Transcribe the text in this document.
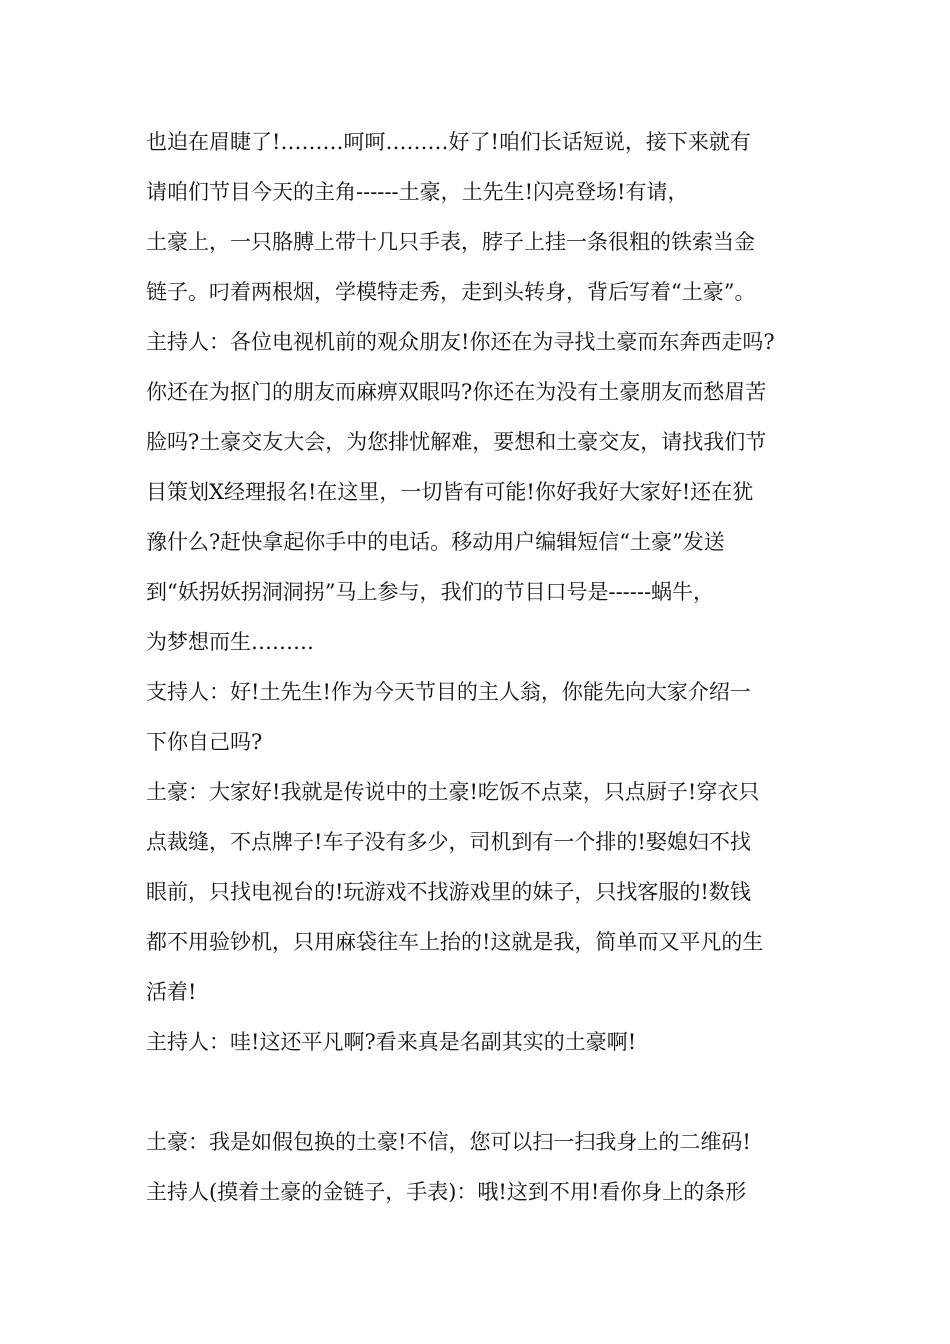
也迫在眉睫了!………呵呵………好了!咱们长话短说，接下来就有
请咱们节目今天的主角------土豪，土先生!闪亮登场!有请，
土豪上，一只胳膊上带十几只手表，脖子上挂一条很粗的铁索当金
链子。叼着两根烟，学模特走秀，走到头转身，背后写着“土豪”。
主持人：各位电视机前的观众朋友!你还在为寻找土豪而东奔西走吗?
你还在为抠门的朋友而麻痹双眼吗?你还在为没有土豪朋友而愁眉苦
脸吗?土豪交友大会，为您排忧解难，要想和土豪交友，请找我们节
目策划X经理报名!在这里，一切皆有可能!你好我好大家好!还在犹
豫什么?赶快拿起你手中的电话。移动用户编辑短信“土豪”发送
到“妖拐妖拐洞洞拐”马上参与，我们的节目口号是------蜗牛，
为梦想而生………
支持人：好!土先生!作为今天节目的主人翁，你能先向大家介绍一
下你自己吗?
土豪：大家好!我就是传说中的土豪!吃饭不点菜，只点厨子!穿衣只
点裁缝，不点牌子!车子没有多少，司机到有一个排的!娶媳妇不找
眼前，只找电视台的!玩游戏不找游戏里的妹子，只找客服的!数钱
都不用验钞机，只用麻袋往车上抬的!这就是我，简单而又平凡的生
活着!
主持人：哇!这还平凡啊?看来真是名副其实的土豪啊!
土豪：我是如假包换的土豪!不信，您可以扫一扫我身上的二维码!
主持人(摸着土豪的金链子，手表)：哦!这到不用!看你身上的条形
